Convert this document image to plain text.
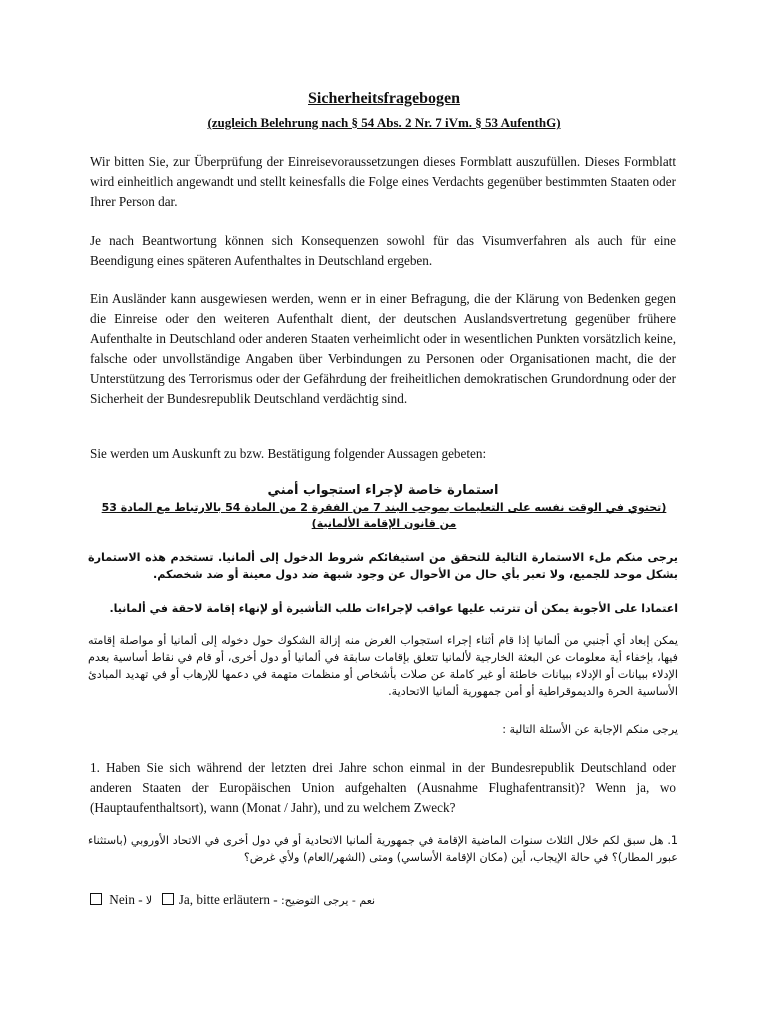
Sicherheitsfragebogen
(zugleich Belehrung nach § 54 Abs. 2 Nr. 7 iVm. § 53 AufenthG)
Wir bitten Sie, zur Überprüfung der Einreisevoraussetzungen dieses Formblatt auszufüllen. Dieses Formblatt wird einheitlich angewandt und stellt keinesfalls die Folge eines Verdachts gegenüber bestimmten Staaten oder Ihrer Person dar.
Je nach Beantwortung können sich Konsequenzen sowohl für das Visumverfahren als auch für eine Beendigung eines späteren Aufenthaltes in Deutschland ergeben.
Ein Ausländer kann ausgewiesen werden, wenn er in einer Befragung, die der Klärung von Bedenken gegen die Einreise oder den weiteren Aufenthalt dient, der deutschen Auslandsvertretung gegenüber frühere Aufenthalte in Deutschland oder anderen Staaten verheimlicht oder in wesentlichen Punkten vorsätzlich keine, falsche oder unvollständige Angaben über Verbindungen zu Personen oder Organisationen macht, die der Unterstützung des Terrorismus oder der Gefährdung der freiheitlichen demokratischen Grundordnung oder der Sicherheit der Bundesrepublik Deutschland verdächtig sind.
Sie werden um Auskunft zu bzw. Bestätigung folgender Aussagen gebeten:
استمارة خاصة لإجراء استجواب أمني
(تحتوي في الوقت نفسه على التعليمات بموجب البند 7 من الفقرة 2 من المادة 54 بالارتباط مع المادة 53 من قانون الإقامة الألمانية)
يرجى منكم ملء الاستمارة التالية للتحقق من استيفائكم شروط الدخول إلى ألمانيا. تستخدم هذه الاستمارة بشكل موحد للجميع، ولا تعبر بأي حال من الأحوال عن وجود شبهة ضد دول معينة أو ضد شخصكم.
اعتمادا على الأجوبة يمكن أن تترتب عليها عواقب لإجراءات طلب التأشيرة أو لإنهاء إقامة لاحقة في ألمانيا.
يمكن إبعاد أي أجنبي من ألمانيا إذا قام أثناء إجراء استجواب الغرض منه إزالة الشكوك حول دخوله إلى ألمانيا أو مواصلة إقامته فيها، بإخفاء أية معلومات عن البعثة الخارجية لألمانيا تتعلق بإقامات سابقة في ألمانيا أو دول أخرى، أو قام في نقاط أساسية بعدم الإدلاء ببيانات أو الإدلاء ببيانات خاطئة أو غير كاملة عن صلات بأشخاص أو منظمات متهمة في دعمها للإرهاب أو في تهديد المبادئ الأساسية الحرة والديموقراطية أو أمن جمهورية ألمانيا الاتحادية.
يرجى منكم الإجابة عن الأسئلة التالية :
1. Haben Sie sich während der letzten drei Jahre schon einmal in der Bundesrepublik Deutschland oder anderen Staaten der Europäischen Union aufgehalten (Ausnahme Flughafentransit)? Wenn ja, wo (Hauptaufenthaltsort), wann (Monat / Jahr), und zu welchem Zweck?
1. هل سبق لكم خلال الثلاث سنوات الماضية الإقامة في جمهورية ألمانيا الاتحادية أو في دول أخرى في الاتحاد الأوروبي (باستثناء عبور المطار)؟ في حالة الإيجاب، أين (مكان الإقامة الأساسي) ومتى (الشهر/العام) ولأي غرض؟
Nein - لا Ja, bitte erläutern - نعم - يرجى التوضيح:
